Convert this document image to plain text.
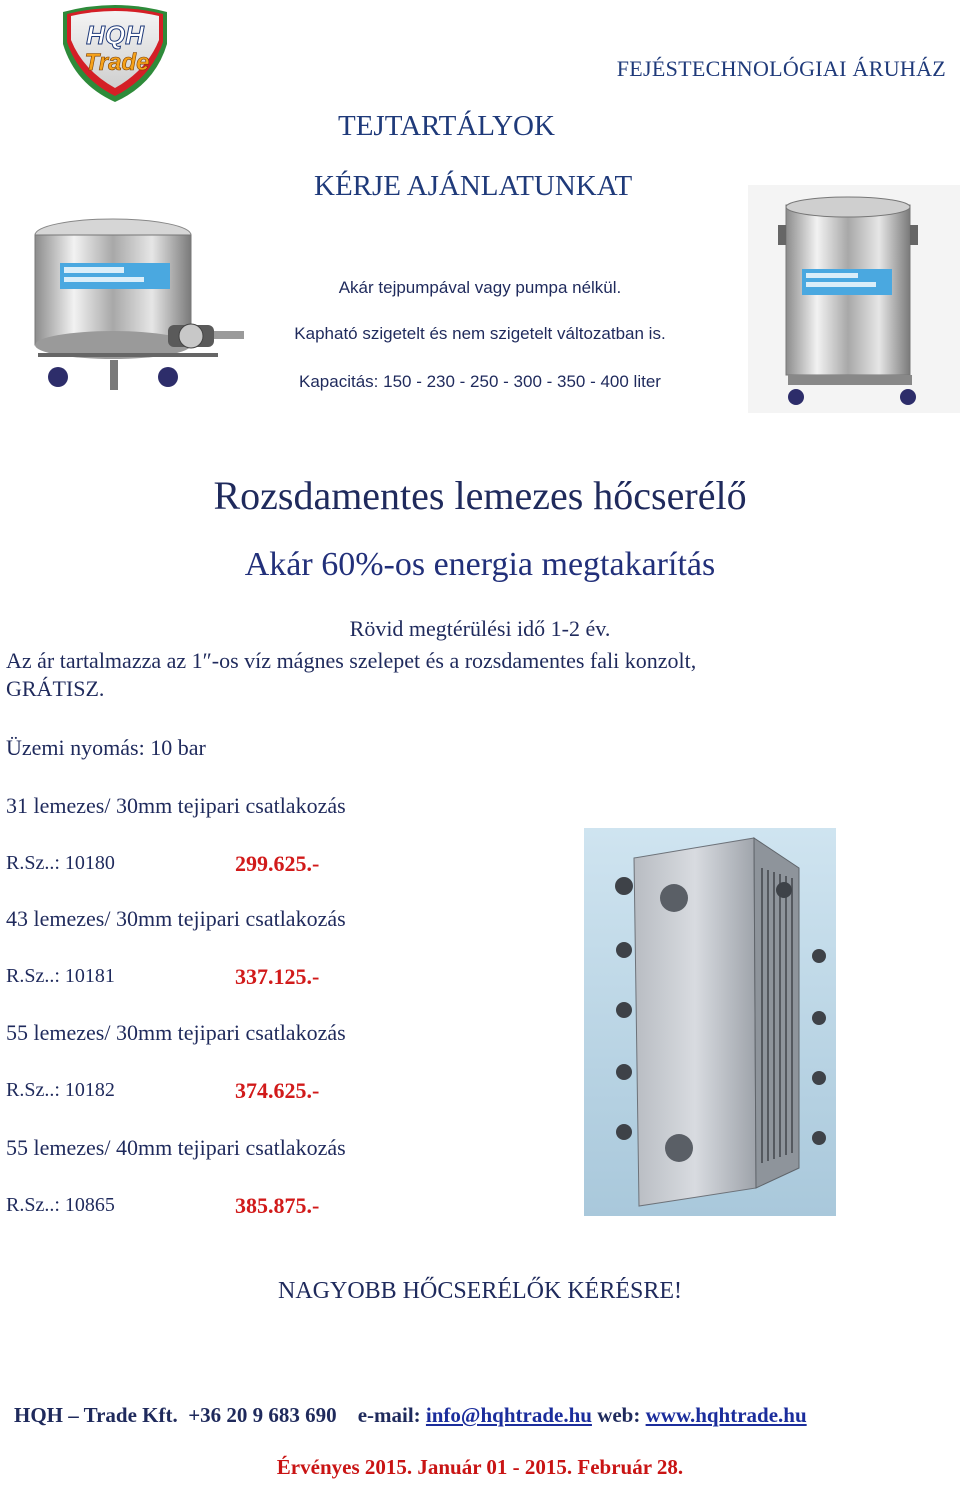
HQH
Trade	FEJÉSTECHNOLÓGIAI ÁRUHÁZ
TEJTARTÁLYOK
KÉRJE AJÁNLATUNKAT
Akár tejpumpával vagy pumpa nélkül.
Kapható szigetelt és nem szigetelt változatban is.
Kapacitás: 150 - 230 - 250 - 300 - 350 - 400 liter
Rozsdamentes lemezes hőcserélő
Akár 60%-os energia megtakarítás
Rövid megtérülési idő 1-2 év.
Az ár tartalmazza az 1″-os víz mágnes szelepet és a rozsdamentes fali konzolt,
GRÁTISZ.
Üzemi nyomás: 10 bar
31 lemezes/ 30mm tejipari csatlakozás
R.Sz..: 10180	299.625.-
43 lemezes/ 30mm tejipari csatlakozás
R.Sz..: 10181	337.125.-
55 lemezes/ 30mm tejipari csatlakozás
R.Sz..: 10182	374.625.-
55 lemezes/ 40mm tejipari csatlakozás
R.Sz..: 10865	385.875.-
NAGYOBB HŐCSERÉLŐK KÉRÉSRE!
HQH – Trade Kft. +36 20 9 683 690 e-mail: info@hqhtrade.hu web: www.hqhtrade.hu
Érvényes 2015. Január 01 - 2015. Február 28.
